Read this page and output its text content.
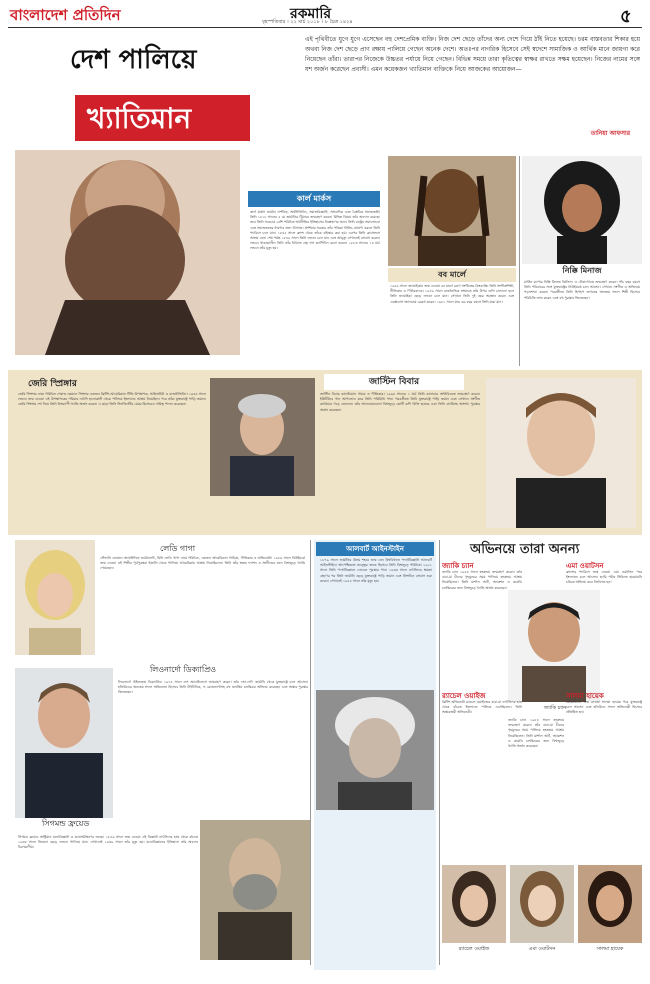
বাংলাদেশ প্রতিদিন	রকমারি
বৃহস্পতিবার । ২২ মার্চ ২০১৮ । ৮ চৈত্র ১৪২৪	৫
দেশ পালিয়ে
খ্যাতিমান
এই পৃথিবীতে যুগে যুগে এসেছেন বহু দেশপ্রেমিক ব্যক্তি। নিজ দেশ ছেড়ে তাঁদের অন্য দেশে গিয়ে ঠাঁই নিতে হয়েছে। চরম বাস্তবতার শিকার হয়ে অথবা নিজ দেশ ছেড়ে প্রাণ রক্ষায় পালিয়ে গেছেন অনেক দেশে। অতঃপর নাগরিক হিসেবে সেই স্বদেশে সামাজিক ও আর্থিক মানে জায়গা করে নিয়েছেন তাঁরা। তারাপর নিজেকে উচ্চতর পর্যায়ে নিয়ে গেছেন। বিভিন্ন সময়ে তারা কৃতিত্বের স্বাক্ষর রাখতে সক্ষম হয়েছেন। নিজের নামের সঙ্গে যশ অর্জন করেছেন প্রবাসী। এমন কয়েকজন খ্যাতিমান ব্যক্তিকে নিয়ে আজকের আয়োজন—
তানিয়া আফসার
কার্ল মার্কস
কার্ল মার্কস জার্মান দার্শনিক, অর্থনীতিবিদ, সমাজবিজ্ঞানী, সাংবাদিক এবং বৈপ্লবিক সমাজতন্ত্রী। তিনি ১৮১৮ সালের ৫ মে জার্মানির ট্রিয়ারে জন্মগ্রহণ করেন। বিভিন্ন বিষয়ে তাঁর অবদান রয়েছে। তবে তিনি সবচেয়ে বেশি পরিচিত অর্থনীতির ইতিহাসের বিশ্লেষণের জন্য। তিনি রাষ্ট্রের সমালোচনা এবং সমাজতন্ত্রের ধারণার জন্য বিখ্যাত। প্রুশিয়ার সরকার তাঁর পত্রিকা নিষিদ্ধ ঘোষণা করলে তিনি প্যারিসে চলে যান। ১৮৪৫ সালে ফ্রান্স থেকে তাঁকে বহিষ্কার করা হয়। এরপর তিনি ব্রাসেলসে আশ্রয় নেন। শেষ পর্যন্ত ১৮৪৯ সালে তিনি লন্ডনে চলে যান এবং আমৃত্যু সেখানেই বসবাস করেন। লন্ডনে থাকাকালীন তিনি তাঁর বিখ্যাত গ্রন্থ দাস ক্যাপিটাল রচনা করেন। ১৮৮৩ সালের ১৪ মার্চ লন্ডনে তাঁর মৃত্যু হয়।
বব মার্লে
১৯৪৫ সালে জ্যামাইকায় জন্ম নেওয়া বব মার্লে রেগে সংগীতের কিংবদন্তি। তিনি সংগীতশিল্পী, গীতিকার ও গিটারবাদক। ১৯৭৬ সালে রাজনৈতিক সংঘাতে তাঁর উপর গুলি চালানো হলে তিনি জ্যামাইকা ছেড়ে লন্ডনে চলে যান। সেখানে তিনি দুই বছর অবস্থান করেন এবং এক্সোডাস অ্যালবাম রেকর্ড করেন। ১৯৮১ সালে মাত্র ৩৬ বছর বয়সে তিনি মারা যান।
নিক্কি মিনাজ
মার্কিন র‍্যাপার নিক্কি মিনাজ ত্রিনিদাদ ও টোবাগোতে জন্মগ্রহণ করেন। পাঁচ বছর বয়সে তিনি পরিবারের সঙ্গে যুক্তরাষ্ট্রের নিউইয়র্কে চলে আসেন। সেখানে সংগীত ও অভিনয়ে পড়াশোনা করেন। পরবর্তীতে তিনি হিপহপ জগতের অন্যতম সফল শিল্পী হিসেবে পরিচিতি লাভ করেন এবং বহু পুরস্কার জিতেছেন।
জেরি স্প্রিঙ্গার
জেরি স্প্রিঙ্গার নামে পরিচিত গেরাল্ড নরম্যান স্প্রিঙ্গার একজন ব্রিটিশ-আমেরিকান টিভি উপস্থাপক, আইনজীবী ও রাজনীতিবিদ। ১৯৪৪ সালে লন্ডনে জন্ম নেওয়া এই উপস্থাপকের পরিবার নাৎসি হলোকাস্ট থেকে পালিয়ে ইংল্যান্ডে আশ্রয় নিয়েছিল। পরে তাঁরা যুক্তরাষ্ট্রে পাড়ি জমান। জেরি স্প্রিঙ্গার শো দিয়ে তিনি বিশ্বব্যাপী খ্যাতি অর্জন করেন। এ ছাড়া তিনি সিনসিনাটির মেয়র হিসেবেও দায়িত্ব পালন করেছেন।
জাস্টিন বিবার
জাস্টিন বিবার কানাডিয়ান গায়ক ও গীতিকার। ১৯৯৪ সালের ১ মার্চ তিনি কানাডার অন্টারিওতে জন্মগ্রহণ করেন। ইউটিউবে গান আপলোড করে তিনি পরিচিতি পান। পরবর্তীতে তিনি যুক্তরাষ্ট্রে পাড়ি জমান এবং সেখানে সংগীত ক্যারিয়ার গড়ে তোলেন। তাঁর অ্যালবামগুলো বিশ্বজুড়ে কোটি কপি বিক্রি হয়েছে এবং তিনি গ্র্যামিসহ অসংখ্য পুরস্কার অর্জন করেছেন।
লেডি গাগা
স্টেফানি জোয়ান অ্যাঞ্জেলিনা জার্মানোটা, যিনি লেডি গাগা নামে পরিচিত, একজন আমেরিকান গায়িকা, গীতিকার ও অভিনেত্রী। ১৯৮৬ সালে নিউইয়র্কে জন্ম নেওয়া এই শিল্পীর পূর্বপুরুষরা ইতালি থেকে পালিয়ে আমেরিকায় আশ্রয় নিয়েছিলেন। তিনি তাঁর স্বতন্ত্র ফ্যাশন ও সংগীতের জন্য বিশ্বজুড়ে খ্যাতি পেয়েছেন।
লিওনার্দো ডিক্যাপ্রিও
লিওনার্দো উইলহেল্ম ডিক্যাপ্রিও ১৯৭৪ সালে লস অ্যাঞ্জেলেসে জন্মগ্রহণ করেন। তাঁর দাদা-দাদি জার্মানি থেকে যুক্তরাষ্ট্রে চলে আসেন। হলিউডের অন্যতম সফল অভিনেতা হিসেবে তিনি টাইটানিক, দ্য রেভেন্যান্টসহ বহু জনপ্রিয় চলচ্চিত্রে অভিনয় করেছেন এবং অস্কার পুরস্কার জিতেছেন।
সিগমন্ড ফ্রয়েড
সিগমন্ড ফ্রয়েড অস্ট্রিয়ান মনোবিজ্ঞানী ও মনোসমীক্ষণের জনক। ১৮৫৬ সালে জন্ম নেওয়া এই বিজ্ঞানী নাৎসিদের হাত থেকে বাঁচতে ১৯৩৮ সালে ভিয়েনা ছেড়ে লন্ডনে পালিয়ে যান। সেখানেই ১৯৩৯ সালে তাঁর মৃত্যু হয়। মনোবিজ্ঞানের ইতিহাসে তাঁর অবদান চিরস্মরণীয়।
আলবার্ট আইনস্টাইন
১৮৭৯ সালে জার্মানির উলম শহরে জন্ম নেন বিশ্ববিখ্যাত পদার্থবিজ্ঞানী আলবার্ট আইনস্টাইন। আপেক্ষিকতা তত্ত্বের জনক হিসেবে তিনি বিশ্বজুড়ে পরিচিত। ১৯২১ সালে তিনি পদার্থবিজ্ঞানে নোবেল পুরস্কার পান। ১৯৩৩ সালে নাৎসিদের ক্ষমতা গ্রহণের পর তিনি জার্মানি ছেড়ে যুক্তরাষ্ট্রে পাড়ি জমান এবং প্রিন্সটনে বসবাস শুরু করেন। সেখানেই ১৯৫৫ সালে তাঁর মৃত্যু হয়।
অভিনয়ে তারা অনন্য
জ্যাকি চ্যান
জ্যাকি চ্যান ১৯৫৪ সালে হংকংয়ে জন্মগ্রহণ করেন। তাঁর বাবা-মা চীনের গৃহযুদ্ধের সময় পালিয়ে হংকংয়ে আশ্রয় নিয়েছিলেন। তিনি মার্শাল আর্ট, অ্যাকশন ও কমেডি চলচ্চিত্রের জন্য বিশ্বজুড়ে খ্যাতি অর্জন করেছেন।
র‍্যাচেল ওয়াইজ
ব্রিটিশ অভিনেত্রী র‍্যাচেল ওয়াইজের বাবা-মা নাৎসিদের হাত থেকে বাঁচতে ইংল্যান্ডে পালিয়ে এসেছিলেন। তিনি অস্কারজয়ী অভিনেত্রী।
এমা ওয়াটসন
ফ্রান্সের প্যারিসে জন্ম নেওয়া এমা ওয়াটসন পরে ইংল্যান্ডে চলে আসেন। হ্যারি পটার সিরিজে হারমায়নি চরিত্রে অভিনয় করে বিশ্বখ্যাত হন।
সালমা হায়েক
মেক্সিকোতে জন্ম নেওয়া সালমা হায়েক পরে যুক্তরাষ্ট্রে চলে আসেন এবং হলিউডে সফল অভিনেত্রী হিসেবে প্রতিষ্ঠিত হন।
জ্যাকি চ্যান ১৯৫৪ সালে হংকংয়ে জন্মগ্রহণ করেন। তাঁর বাবা-মা চীনের গৃহযুদ্ধের সময় পালিয়ে হংকংয়ে আশ্রয় নিয়েছিলেন। তিনি মার্শাল আর্ট, অ্যাকশন ও কমেডি চলচ্চিত্রের জন্য বিশ্বজুড়ে খ্যাতি অর্জন করেছেন।
জ্যাকি চ্যান
র‍্যাচেল ওয়াইজ	এমা ওয়াটসন	সালমা হায়েক
